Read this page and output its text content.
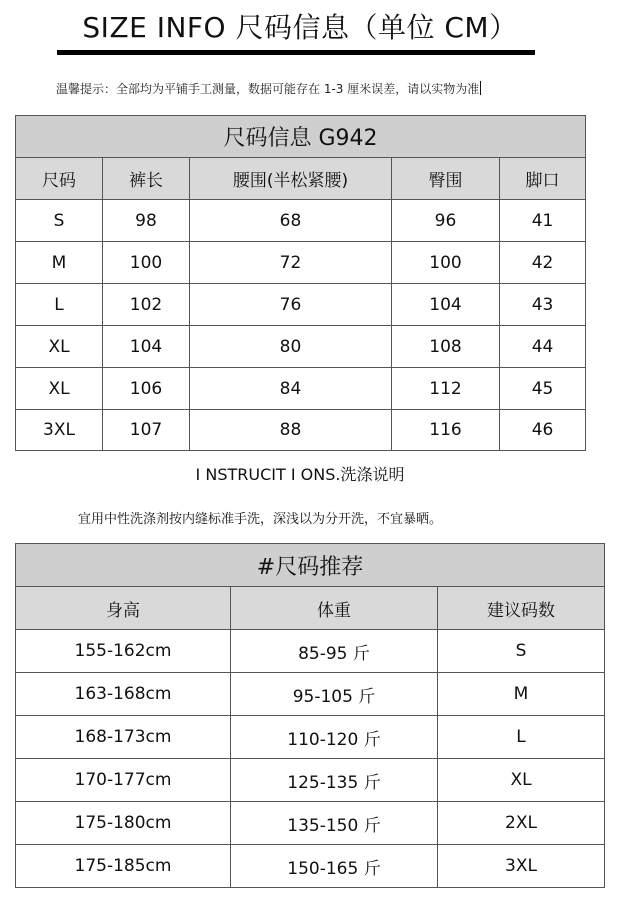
SIZE INFO 尺码信息（单位 CM）
温馨提示：全部均为平铺手工测量，数据可能存在 1-3 厘米误差，请以实物为准
尺码信息 G942				
尺码	裤长	腰围(半松紧腰)	臀围	脚口
S	98	68	96	41
M	100	72	100	42
L	102	76	104	43
XL	104	80	108	44
XL	106	84	112	45
3XL	107	88	116	46
I NSTRUCIT I ONS.洗涤说明
宜用中性洗涤剂按内缝标准手洗，深浅以为分开洗，不宜暴晒。
#尺码推荐		
身高	体重	建议码数
155-162cm	85-95 斤	S
163-168cm	95-105 斤	M
168-173cm	110-120 斤	L
170-177cm	125-135 斤	XL
175-180cm	135-150 斤	2XL
175-185cm	150-165 斤	3XL
